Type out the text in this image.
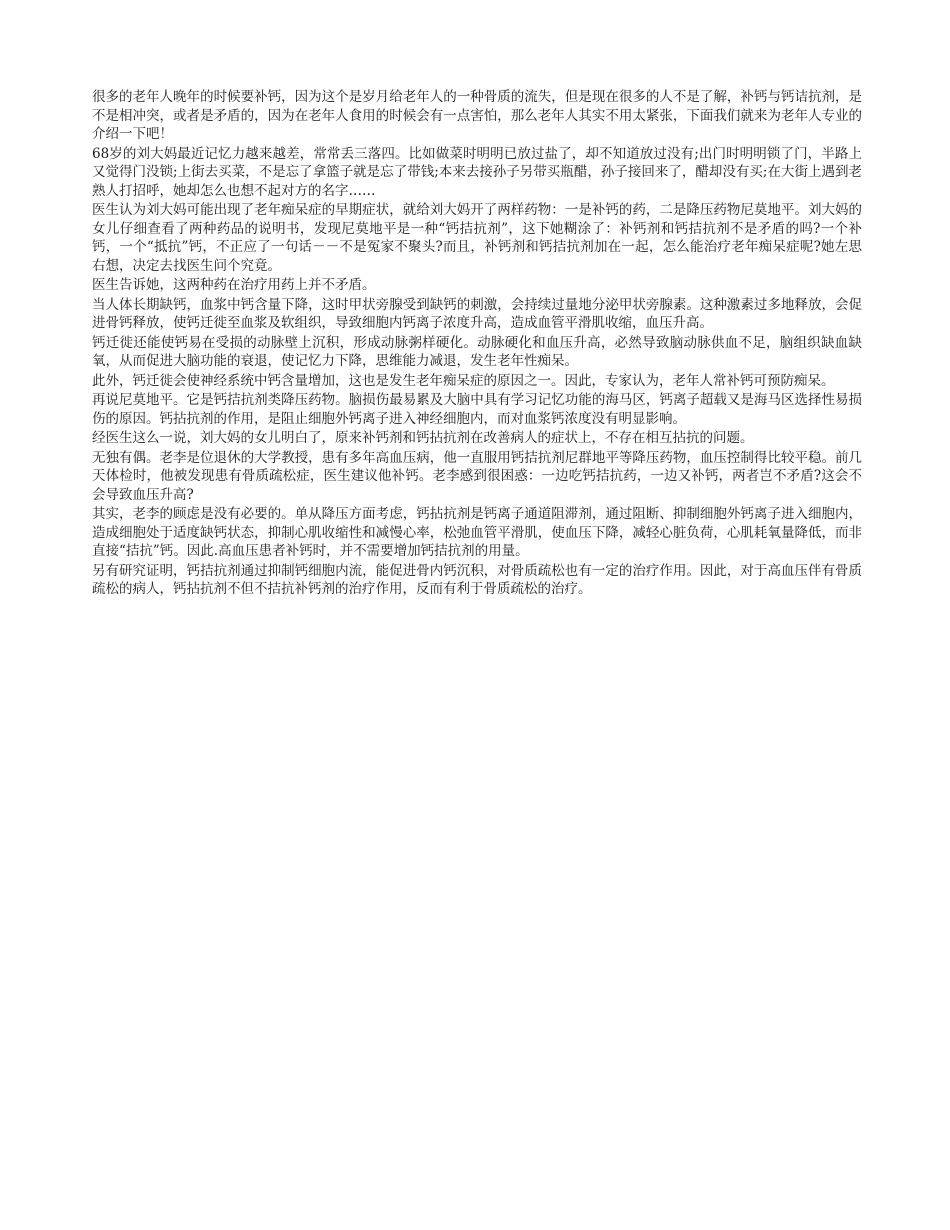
很多的老年人晚年的时候要补钙，因为这个是岁月给老年人的一种骨质的流失，但是现在很多的人不是了解，补钙与钙诘抗剂，是不是相冲突，或者是矛盾的，因为在老年人食用的时候会有一点害怕，那么老年人其实不用太紧张，下面我们就来为老年人专业的介绍一下吧！

68岁的刘大妈最近记忆力越来越差，常常丢三落四。比如做菜时明明已放过盐了，却不知道放过没有;出门时明明锁了门，半路上又觉得门没锁;上街去买菜，不是忘了拿篮子就是忘了带钱;本来去接孙子另带买瓶醋，孙子接回来了，醋却没有买;在大街上遇到老熟人打招呼，她却怎么也想不起对方的名字……

医生认为刘大妈可能出现了老年痴呆症的早期症状，就给刘大妈开了两样药物：一是补钙的药，二是降压药物尼莫地平。刘大妈的女儿仔细查看了两种药品的说明书，发现尼莫地平是一种“钙拮抗剂”，这下她糊涂了：补钙剂和钙拮抗剂不是矛盾的吗?一个补钙，一个“抵抗”钙，不正应了一句话－－不是冤家不聚头?而且，补钙剂和钙拮抗剂加在一起，怎么能治疗老年痴呆症呢?她左思右想，决定去找医生问个究竟。

医生告诉她，这两种药在治疗用药上并不矛盾。

当人体长期缺钙，血浆中钙含量下降，这时甲状旁腺受到缺钙的刺激，会持续过量地分泌甲状旁腺素。这种激素过多地释放，会促进骨钙释放，使钙迁徙至血浆及软组织，导致细胞内钙离子浓度升高，造成血管平滑肌收缩，血压升高。

钙迁徙还能使钙易在受损的动脉壁上沉积，形成动脉粥样硬化。动脉硬化和血压升高，必然导致脑动脉供血不足，脑组织缺血缺氧，从而促进大脑功能的衰退，使记忆力下降，思维能力减退，发生老年性痴呆。

此外，钙迁徙会使神经系统中钙含量增加，这也是发生老年痴呆症的原因之一。因此，专家认为，老年人常补钙可预防痴呆。

再说尼莫地平。它是钙拮抗剂类降压药物。脑损伤最易累及大脑中具有学习记忆功能的海马区，钙离子超载又是海马区选择性易损伤的原因。钙拈抗剂的作用，是阻止细胞外钙离子进入神经细胞内，而对血浆钙浓度没有明显影响。

经医生这么一说，刘大妈的女儿明白了，原来补钙剂和钙拈抗剂在改善病人的症状上，不存在相互拈抗的问题。

无独有偶。老李是位退休的大学教授，患有多年高血压病，他一直服用钙拮抗剂尼群地平等降压药物，血压控制得比较平稳。前几天体检时，他被发现患有骨质疏松症，医生建议他补钙。老李感到很困惑：一边吃钙拮抗药，一边又补钙，两者岂不矛盾?这会不会导致血压升高?

其实，老李的顾虑是没有必要的。单从降压方面考虑，钙拈抗剂是钙离子通道阻滞剂，通过阻断、抑制细胞外钙离子进入细胞内，造成细胞处于适度缺钙状态，抑制心肌收缩性和减慢心率，松弛血管平滑肌，使血压下降，减轻心脏负荷，心肌耗氧量降低，而非直接“拮抗”钙。因此.高血压患者补钙时，并不需要增加钙拮抗剂的用量。

另有研究证明，钙拮抗剂通过抑制钙细胞内流，能促进骨内钙沉积，对骨质疏松也有一定的治疗作用。因此，对于高血压伴有骨质疏松的病人，钙拈抗剂不但不拮抗补钙剂的治疗作用，反而有利于骨质疏松的治疗。
